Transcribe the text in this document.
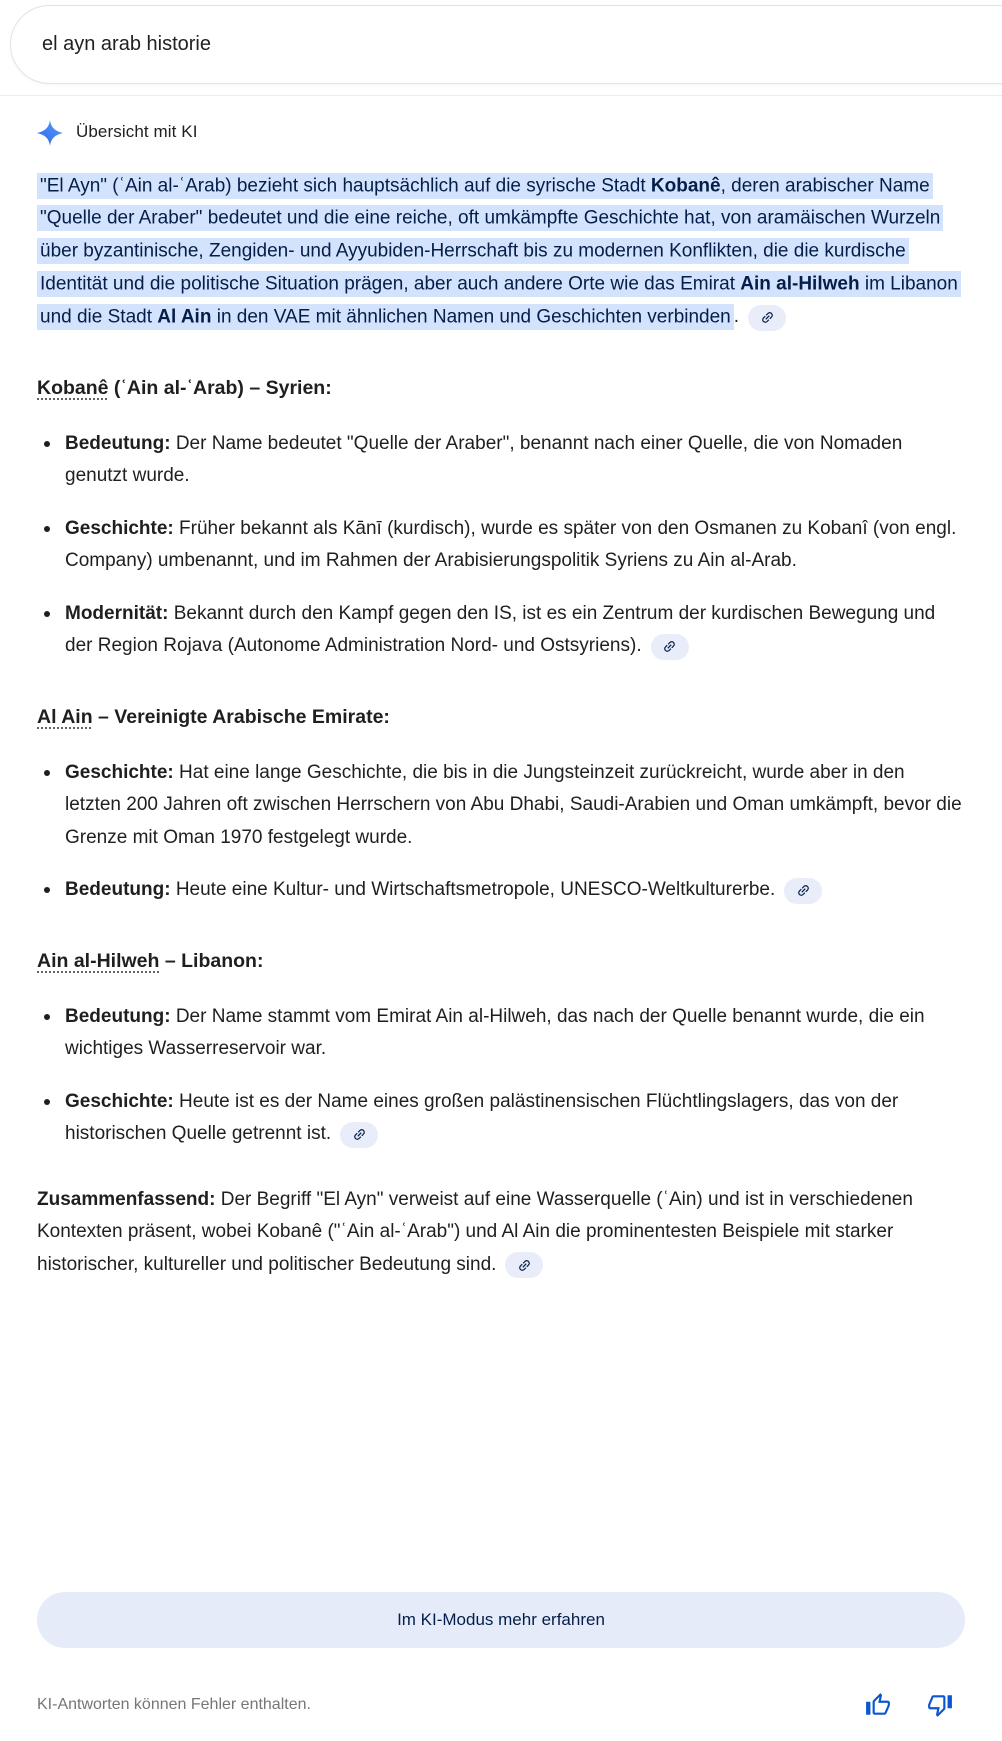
el ayn arab historie
Übersicht mit KI

"El Ayn" (ʿAin al-ʿArab) bezieht sich hauptsächlich auf die syrische Stadt Kobanê, deren arabischer Name "Quelle der Araber" bedeutet und die eine reiche, oft umkämpfte Geschichte hat, von aramäischen Wurzeln über byzantinische, Zengiden- und Ayyubiden-Herrschaft bis zu modernen Konflikten, die die kurdische Identität und die politische Situation prägen, aber auch andere Orte wie das Emirat Ain al-Hilweh im Libanon und die Stadt Al Ain in den VAE mit ähnlichen Namen und Geschichten verbinden .

Kobanê (ʿAin al-ʿArab) – Syrien:
Bedeutung: Der Name bedeutet "Quelle der Araber", benannt nach einer Quelle, die von Nomaden genutzt wurde.
Geschichte: Früher bekannt als Kānī (kurdisch), wurde es später von den Osmanen zu Kobanî (von engl. Company) umbenannt, und im Rahmen der Arabisierungspolitik Syriens zu Ain al-Arab.
Modernität: Bekannt durch den Kampf gegen den IS, ist es ein Zentrum der kurdischen Bewegung und der Region Rojava (Autonome Administration Nord- und Ostsyriens).
Al Ain – Vereinigte Arabische Emirate:
Geschichte: Hat eine lange Geschichte, die bis in die Jungsteinzeit zurückreicht, wurde aber in den letzten 200 Jahren oft zwischen Herrschern von Abu Dhabi, Saudi-Arabien und Oman umkämpft, bevor die Grenze mit Oman 1970 festgelegt wurde.
Bedeutung: Heute eine Kultur- und Wirtschaftsmetropole, UNESCO-Weltkulturerbe.
Ain al-Hilweh – Libanon:
Bedeutung: Der Name stammt vom Emirat Ain al-Hilweh, das nach der Quelle benannt wurde, die ein wichtiges Wasserreservoir war.
Geschichte: Heute ist es der Name eines großen palästinensischen Flüchtlingslagers, das von der historischen Quelle getrennt ist.

Zusammenfassend: Der Begriff "El Ayn" verweist auf eine Wasserquelle (ʿAin) und ist in verschiedenen Kontexten präsent, wobei Kobanê ("ʿAin al-ʿArab") und Al Ain die prominentesten Beispiele mit starker historischer, kultureller und politischer Bedeutung sind.

Im KI-Modus mehr erfahren
KI-Antworten können Fehler enthalten.
